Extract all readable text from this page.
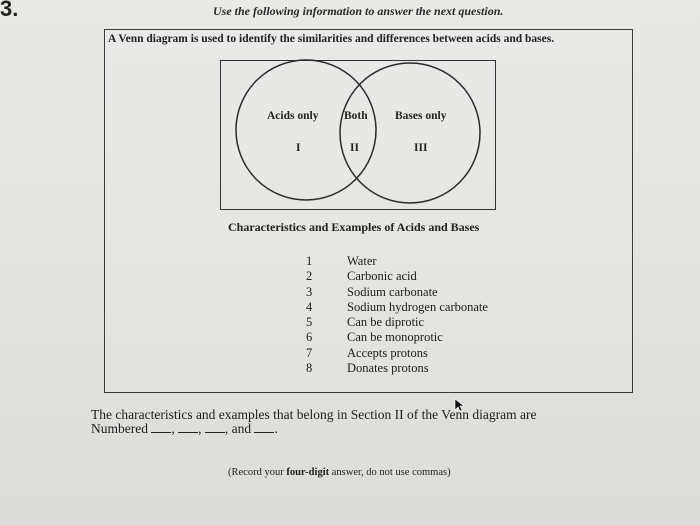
3.	Use the following information to answer the next question.
A Venn diagram is used to identify the similarities and differences between acids and bases.
Acids only Both Bases only
I	II	III
Characteristics and Examples of Acids and Bases
1	Water
2	Carbonic acid
3	Sodium carbonate
4	Sodium hydrogen carbonate
5	Can be diprotic
6	Can be monoprotic
7	Accepts protons
8	Donates protons
The characteristics and examples that belong in Section II of the Venn diagram are
Numbered , , , and .
(Record your four-digit answer, do not use commas)
